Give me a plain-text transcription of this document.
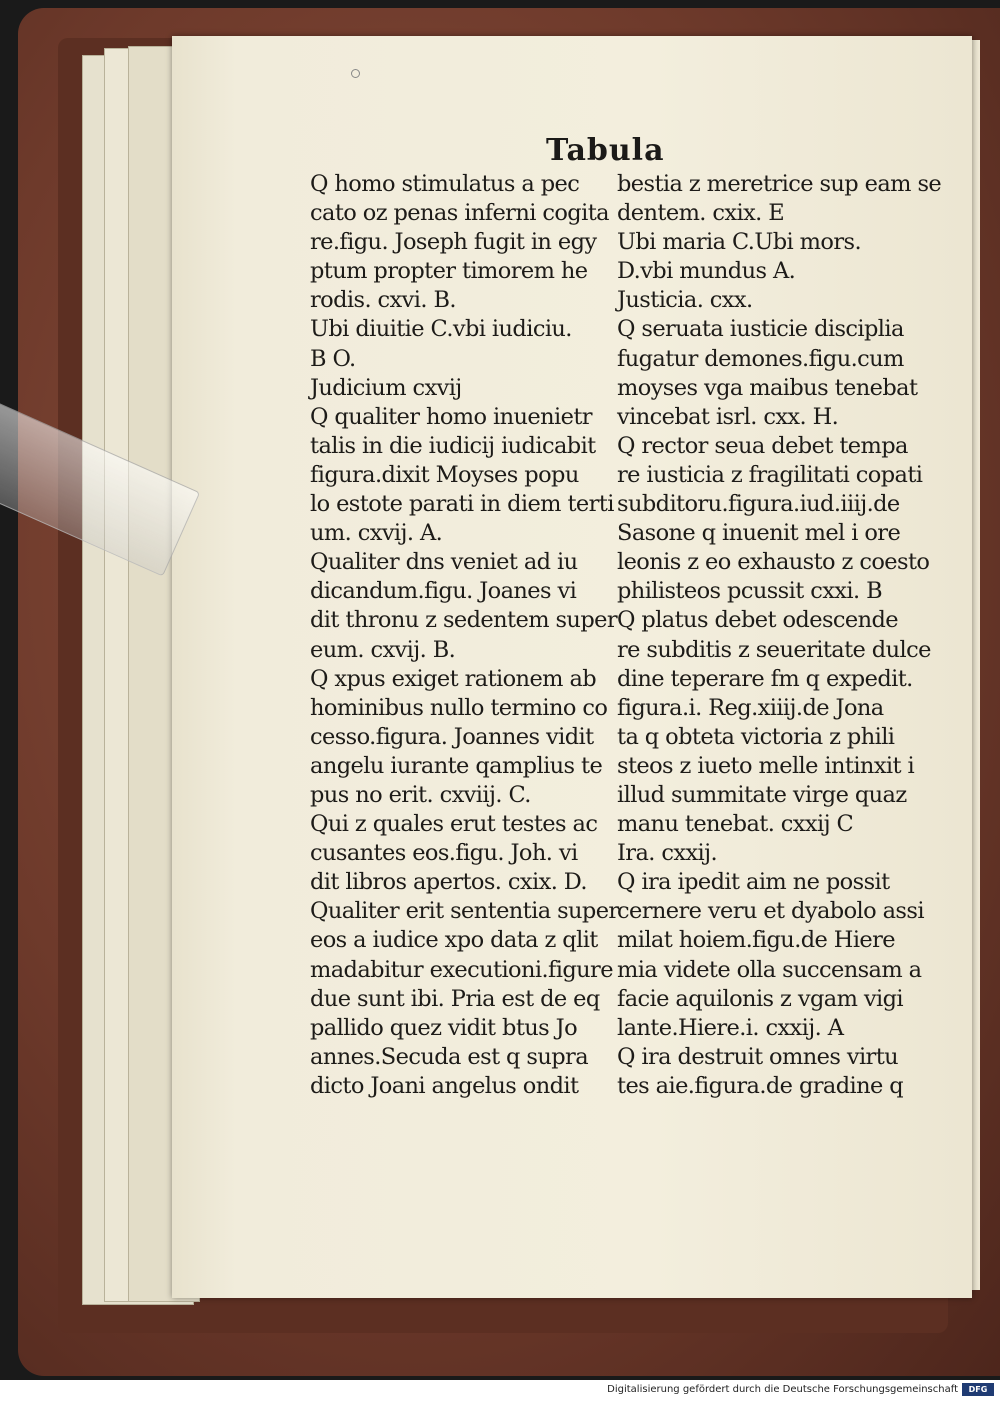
Tabula
Q homo stimulatus a pec
cato oz penas inferni cogita
re.figu. Joseph fugit in egy
ptum propter timorem he
rodis. cxvi. B.
Ubi diuitie C.vbi iudiciu.
B O.
Judicium cxvij
Q qualiter homo inuenietr
talis in die iudicij iudicabit
figura.dixit Moyses popu
lo estote parati in diem terti
um. cxvij. A.
Qualiter dns veniet ad iu
dicandum.figu. Joanes vi
dit thronu z sedentem super
eum. cxvij. B.
Q xpus exiget rationem ab
hominibus nullo termino co
cesso.figura. Joannes vidit
angelu iurante qamplius te
pus no erit. cxviij. C.
Qui z quales erut testes ac
cusantes eos.figu. Joh. vi
dit libros apertos. cxix. D.
Qualiter erit sententia super
eos a iudice xpo data z qlit
madabitur executioni.figure
due sunt ibi. Pria est de eq
pallido quez vidit btus Jo
annes.Secuda est q supra
dicto Joani angelus ondit
bestia z meretrice sup eam se
dentem. cxix. E
Ubi maria C.Ubi mors.
D.vbi mundus A.
Justicia. cxx.
Q seruata iusticie disciplia
fugatur demones.figu.cum
moyses vga maibus tenebat
vincebat isrl. cxx. H.
Q rector seua debet tempa
re iusticia z fragilitati copati
subditoru.figura.iud.iiij.de
Sasone q inuenit mel i ore
leonis z eo exhausto z coesto
philisteos pcussit cxxi. B
Q platus debet odescende
re subditis z seueritate dulce
dine teperare fm q expedit.
figura.i. Reg.xiiij.de Jona
ta q obteta victoria z phili
steos z iueto melle intinxit i
illud summitate virge quaz
manu tenebat. cxxij C
Ira. cxxij.
Q ira ipedit aim ne possit
cernere veru et dyabolo assi
milat hoiem.figu.de Hiere
mia videte olla succensam a
facie aquilonis z vgam vigi
lante.Hiere.i. cxxij. A
Q ira destruit omnes virtu
tes aie.figura.de gradine q
Digitalisierung gefördert durch die Deutsche Forschungsgemeinschaft	DFG
